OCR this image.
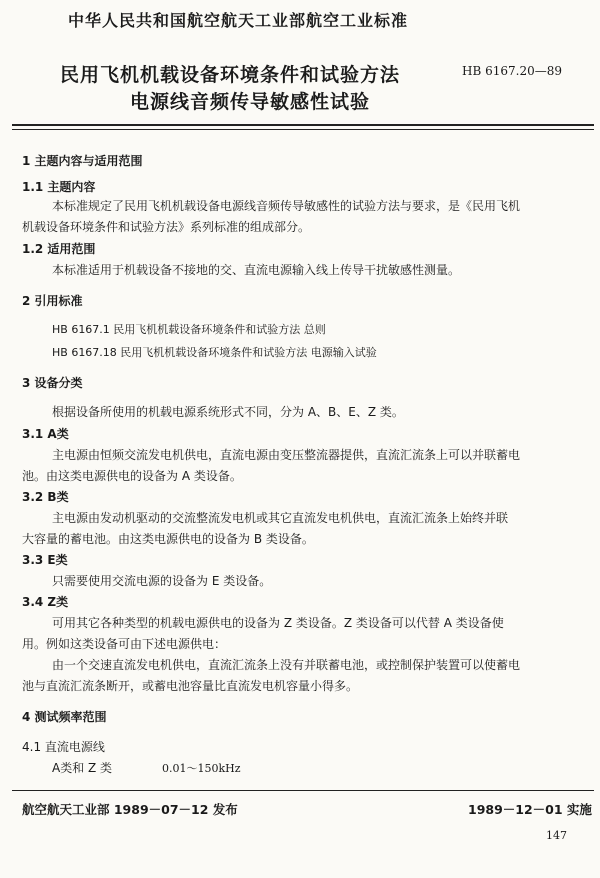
中华人民共和国航空航天工业部航空工业标准
民用飞机机载设备环境条件和试验方法
电源线音频传导敏感性试验
HB 6167.20—89
1 主题内容与适用范围
1.1 主题内容
本标准规定了民用飞机机载设备电源线音频传导敏感性的试验方法与要求，是《民用飞机
机载设备环境条件和试验方法》系列标准的组成部分。
1.2 适用范围
本标准适用于机载设备不接地的交、直流电源输入线上传导干扰敏感性测量。
2 引用标准
HB 6167.1 民用飞机机载设备环境条件和试验方法 总则
HB 6167.18 民用飞机机载设备环境条件和试验方法 电源输入试验
3 设备分类
根据设备所使用的机载电源系统形式不同，分为 A、B、E、Z 类。
3.1 A类
主电源由恒频交流发电机供电，直流电源由变压整流器提供，直流汇流条上可以并联蓄电
池。由这类电源供电的设备为 A 类设备。
3.2 B类
主电源由发动机驱动的交流整流发电机或其它直流发电机供电，直流汇流条上始终并联
大容量的蓄电池。由这类电源供电的设备为 B 类设备。
3.3 E类
只需要使用交流电源的设备为 E 类设备。
3.4 Z类
可用其它各种类型的机载电源供电的设备为 Z 类设备。Z 类设备可以代替 A 类设备使
用。例如这类设备可由下述电源供电：
由一个交速直流发电机供电，直流汇流条上没有并联蓄电池，或控制保护装置可以使蓄电
池与直流汇流条断开，或蓄电池容量比直流发电机容量小得多。
4 测试频率范围
4.1 直流电源线
A类和 Z 类	0.01～150kHz
航空航天工业部 1989－07－12 发布	1989－12－01 实施
147
